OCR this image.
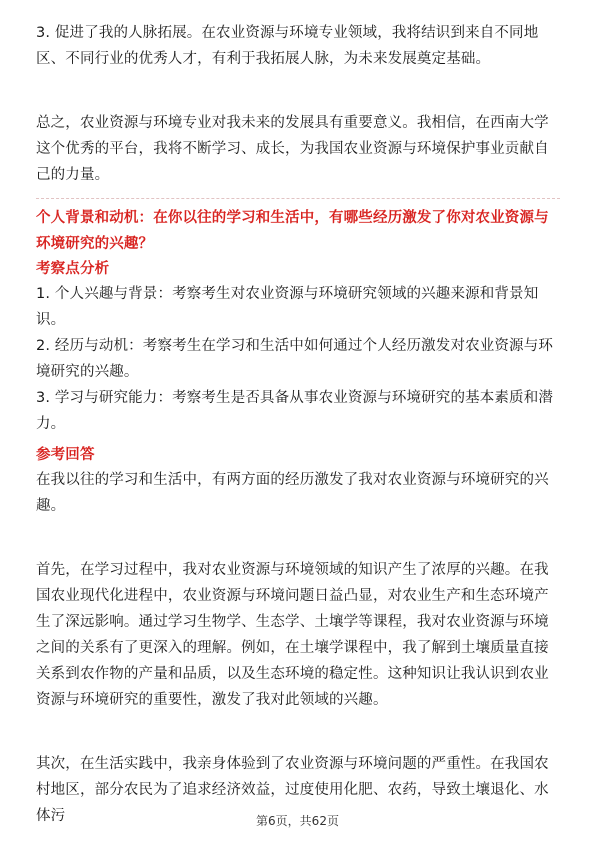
3. 促进了我的人脉拓展。在农业资源与环境专业领域，我将结识到来自不同地区、不同行业的优秀人才，有利于我拓展人脉，为未来发展奠定基础。

总之，农业资源与环境专业对我未来的发展具有重要意义。我相信，在西南大学这个优秀的平台，我将不断学习、成长，为我国农业资源与环境保护事业贡献自己的力量。

个人背景和动机：在你以往的学习和生活中，有哪些经历激发了你对农业资源与环境研究的兴趣？

考察点分析

1. 个人兴趣与背景：考察考生对农业资源与环境研究领域的兴趣来源和背景知识。

2. 经历与动机：考察考生在学习和生活中如何通过个人经历激发对农业资源与环境研究的兴趣。

3. 学习与研究能力：考察考生是否具备从事农业资源与环境研究的基本素质和潜力。

参考回答

在我以往的学习和生活中，有两方面的经历激发了我对农业资源与环境研究的兴趣。

首先，在学习过程中，我对农业资源与环境领域的知识产生了浓厚的兴趣。在我国农业现代化进程中，农业资源与环境问题日益凸显，对农业生产和生态环境产生了深远影响。通过学习生物学、生态学、土壤学等课程，我对农业资源与环境之间的关系有了更深入的理解。例如，在土壤学课程中，我了解到土壤质量直接关系到农作物的产量和品质，以及生态环境的稳定性。这种知识让我认识到农业资源与环境研究的重要性，激发了我对此领域的兴趣。

其次，在生活实践中，我亲身体验到了农业资源与环境问题的严重性。在我国农村地区，部分农民为了追求经济效益，过度使用化肥、农药，导致土壤退化、水体污	第6页，共62页
